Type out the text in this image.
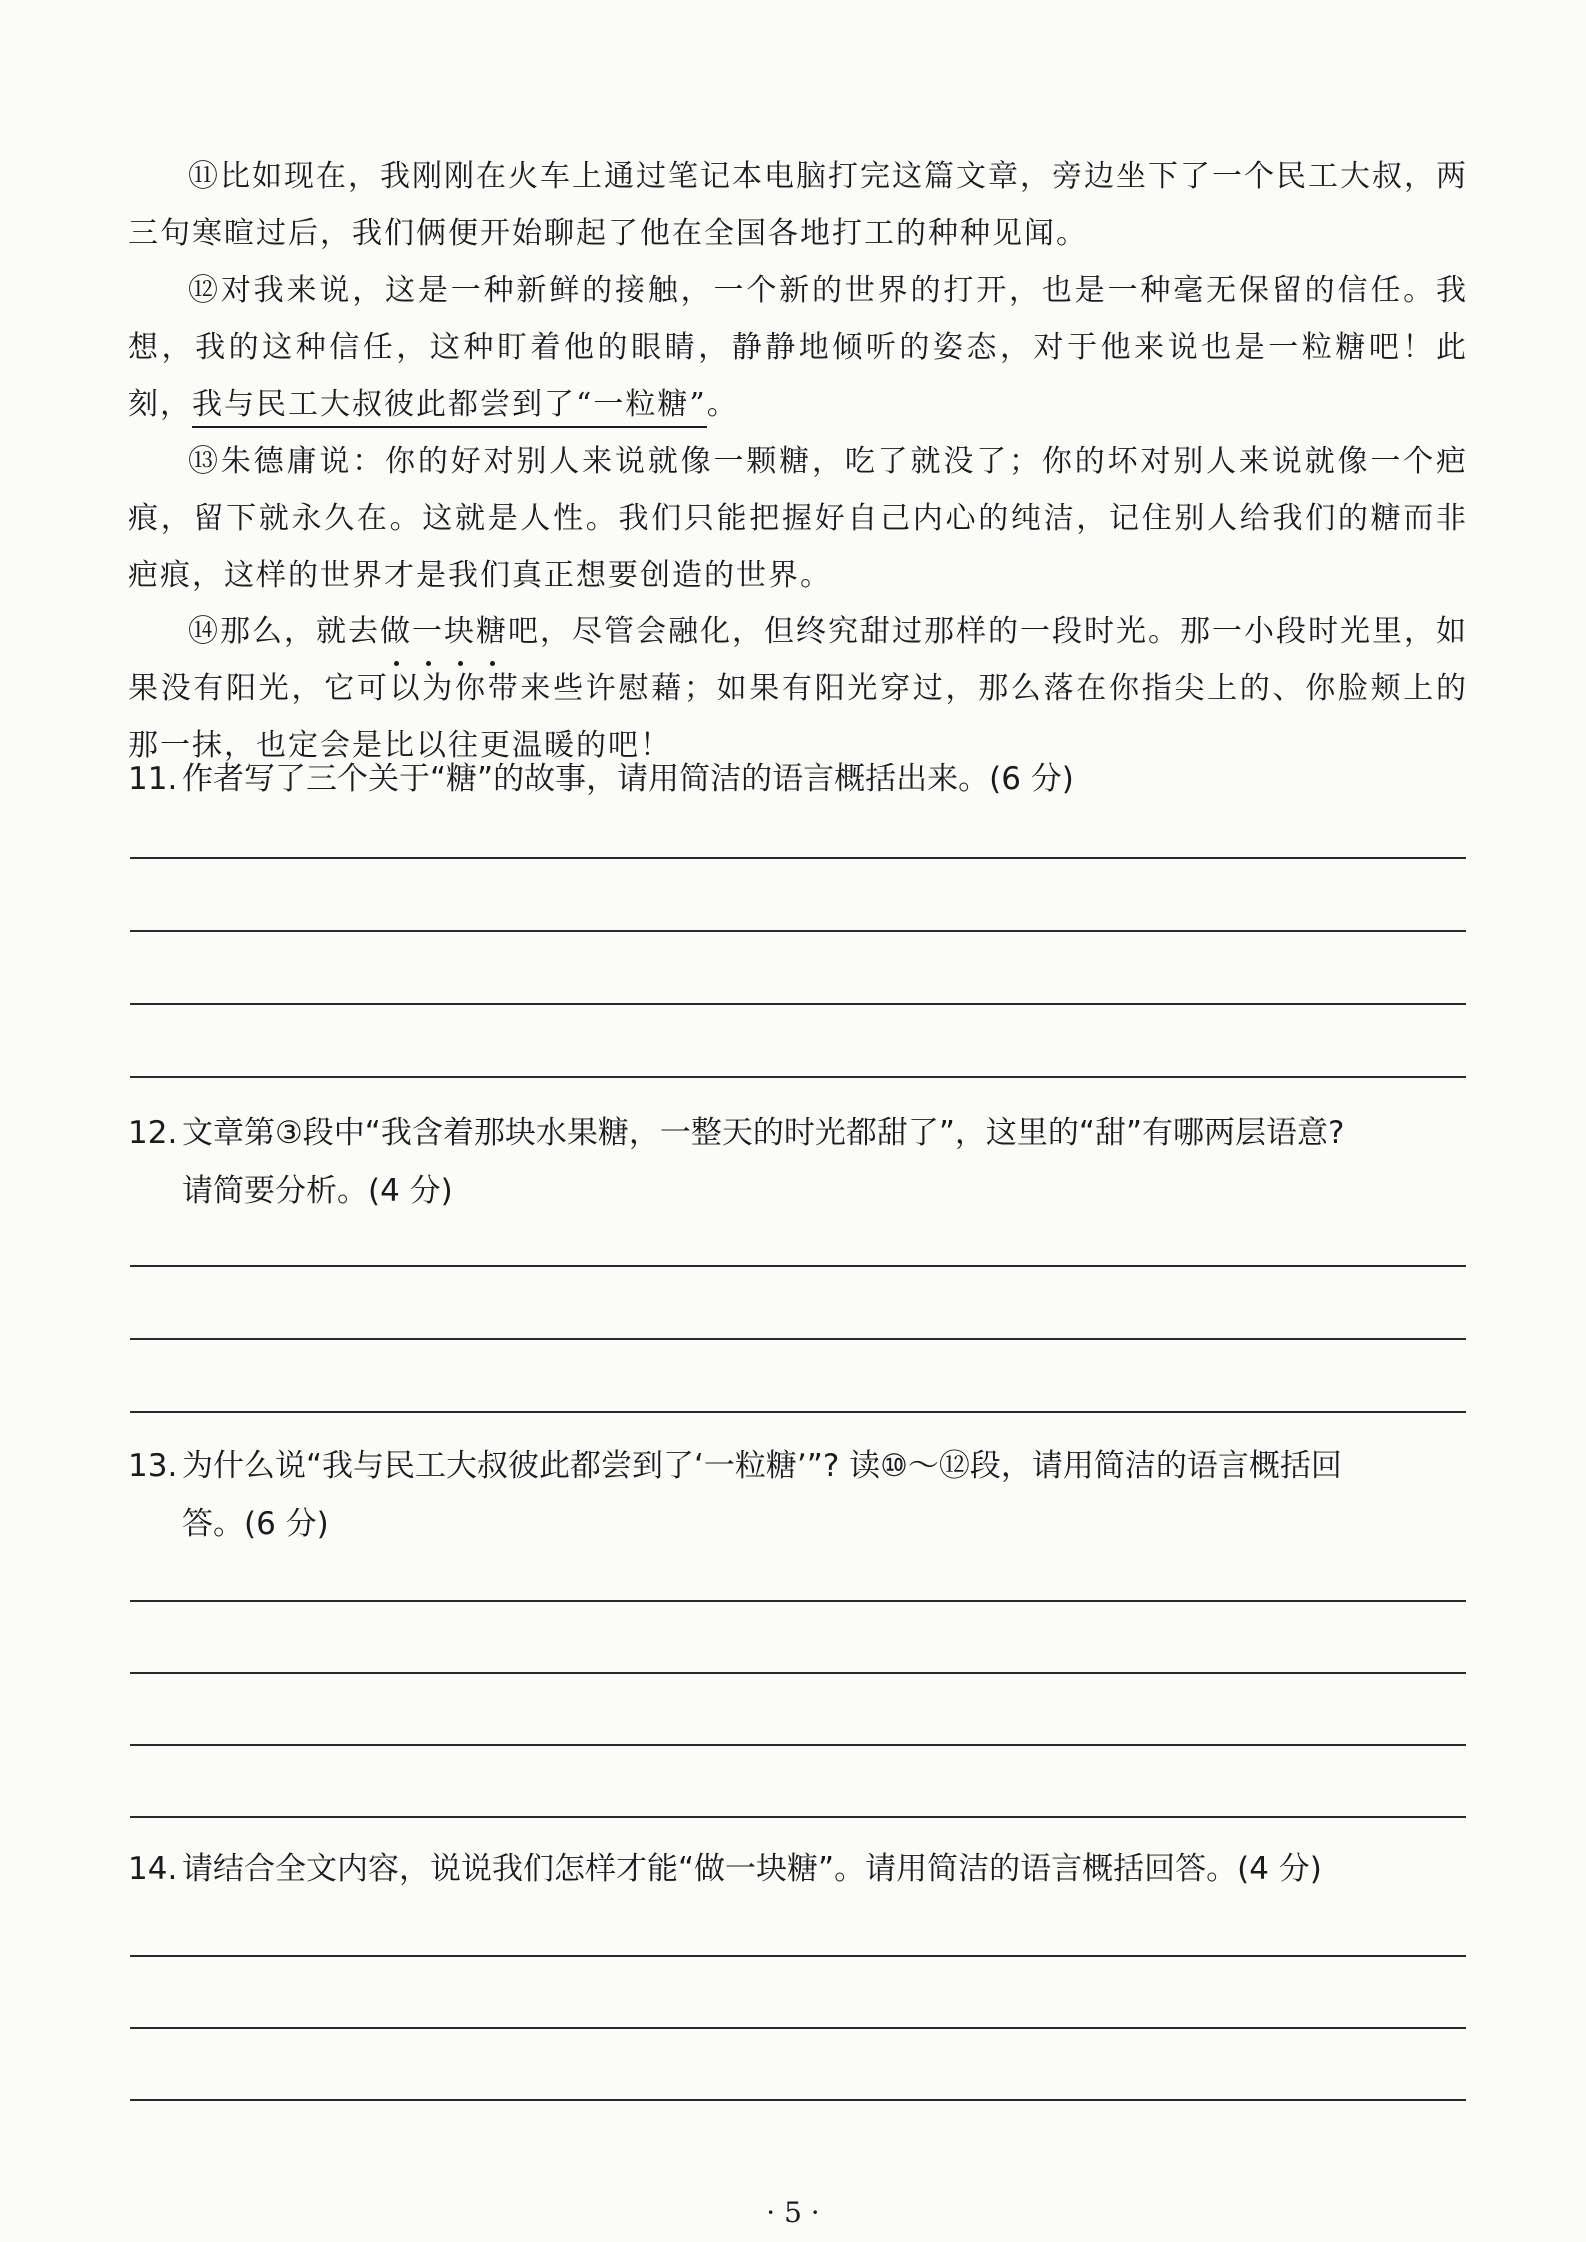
⑪比如现在，我刚刚在火车上通过笔记本电脑打完这篇文章，旁边坐下了一个民工大叔，两三句寒暄过后，我们俩便开始聊起了他在全国各地打工的种种见闻。

⑫对我来说，这是一种新鲜的接触，一个新的世界的打开，也是一种毫无保留的信任。我想，我的这种信任，这种盯着他的眼睛，静静地倾听的姿态，对于他来说也是一粒糖吧！此刻，我与民工大叔彼此都尝到了“一粒糖”。

⑬朱德庸说：你的好对别人来说就像一颗糖，吃了就没了；你的坏对别人来说就像一个疤痕，留下就永久在。这就是人性。我们只能把握好自己内心的纯洁，记住别人给我们的糖而非疤痕，这样的世界才是我们真正想要创造的世界。

⑭那么，就去做一块糖吧，尽管会融化，但终究甜过那样的一段时光。那一小段时光里，如果没有阳光，它可以为你带来些许慰藉；如果有阳光穿过，那么落在你指尖上的、你脸颊上的那一抹，也定会是比以往更温暖的吧！

11. 作者写了三个关于“糖”的故事，请用简洁的语言概括出来。(6 分)
12. 文章第③段中“我含着那块水果糖，一整天的时光都甜了”，这里的“甜”有哪两层语意?
请简要分析。(4 分)
13. 为什么说“我与民工大叔彼此都尝到了‘一粒糖’”? 读⑩～⑫段，请用简洁的语言概括回
答。(6 分)
14. 请结合全文内容，说说我们怎样才能“做一块糖”。请用简洁的语言概括回答。(4 分)
· 5 ·
